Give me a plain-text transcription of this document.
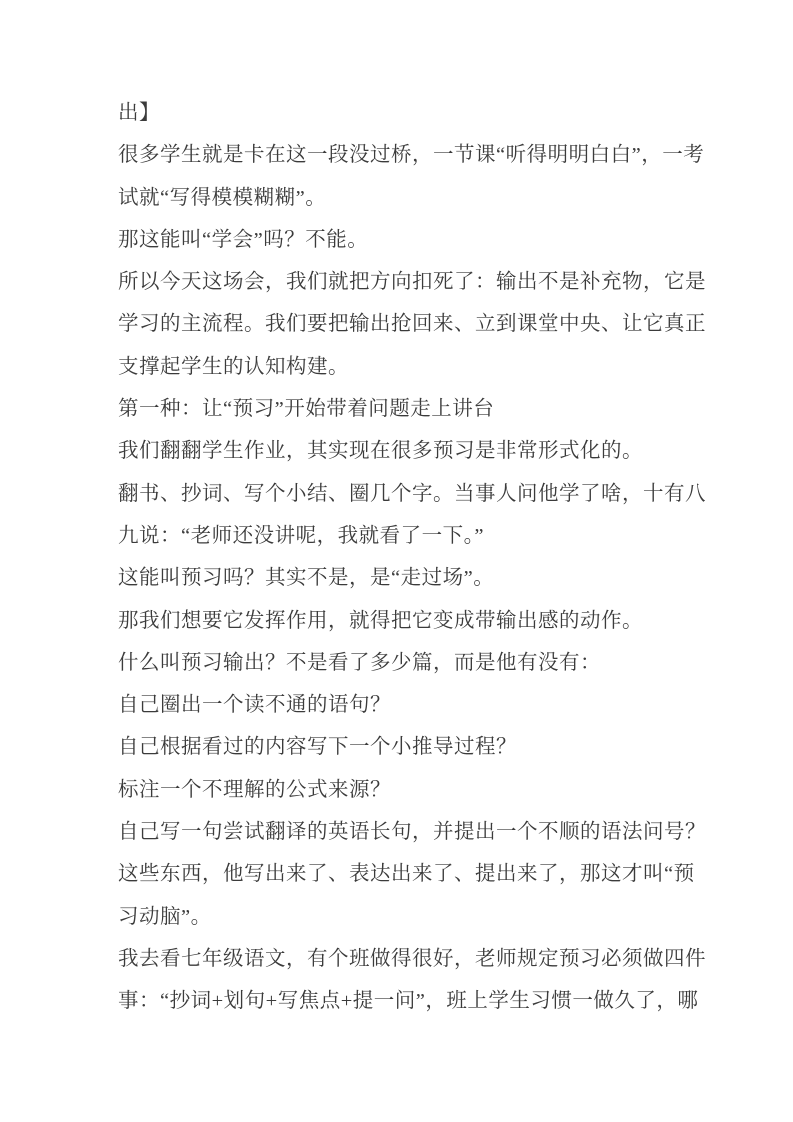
出】
很多学生就是卡在这一段没过桥，一节课“听得明明白白”，一考
试就“写得模模糊糊”。
那这能叫“学会”吗？不能。
所以今天这场会，我们就把方向扣死了：输出不是补充物，它是
学习的主流程。我们要把输出抢回来、立到课堂中央、让它真正
支撑起学生的认知构建。
第一种：让“预习”开始带着问题走上讲台
我们翻翻学生作业，其实现在很多预习是非常形式化的。
翻书、抄词、写个小结、圈几个字。当事人问他学了啥，十有八
九说：“老师还没讲呢，我就看了一下。”
这能叫预习吗？其实不是，是“走过场”。
那我们想要它发挥作用，就得把它变成带输出感的动作。
什么叫预习输出？不是看了多少篇，而是他有没有：
自己圈出一个读不通的语句？
自己根据看过的内容写下一个小推导过程？
标注一个不理解的公式来源？
自己写一句尝试翻译的英语长句，并提出一个不顺的语法问号？
这些东西，他写出来了、表达出来了、提出来了，那这才叫“预
习动脑”。
我去看七年级语文，有个班做得很好，老师规定预习必须做四件
事：“抄词+划句+写焦点+提一问”，班上学生习惯一做久了，哪
